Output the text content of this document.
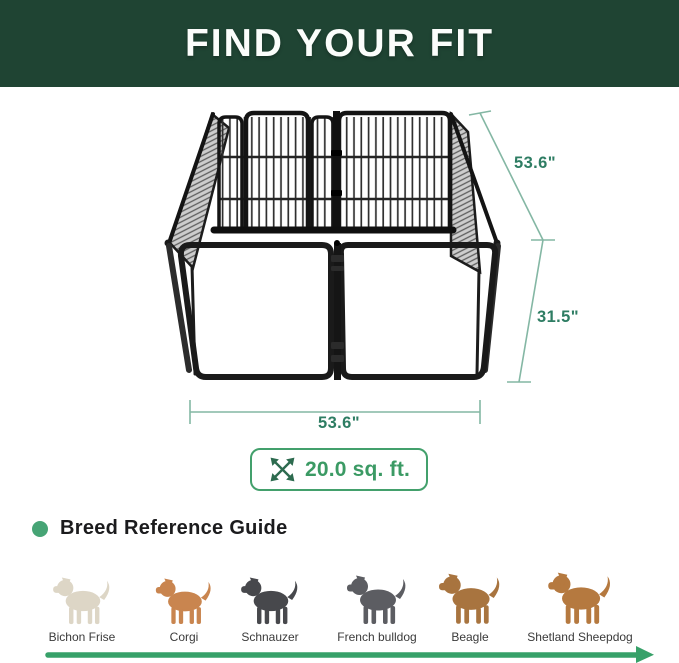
FIND YOUR FIT
53.6"
31.5"
53.6"
20.0 sq. ft.
Breed Reference Guide
Bichon Frise	Corgi	Schnauzer	French bulldog	Beagle	Shetland Sheepdog
